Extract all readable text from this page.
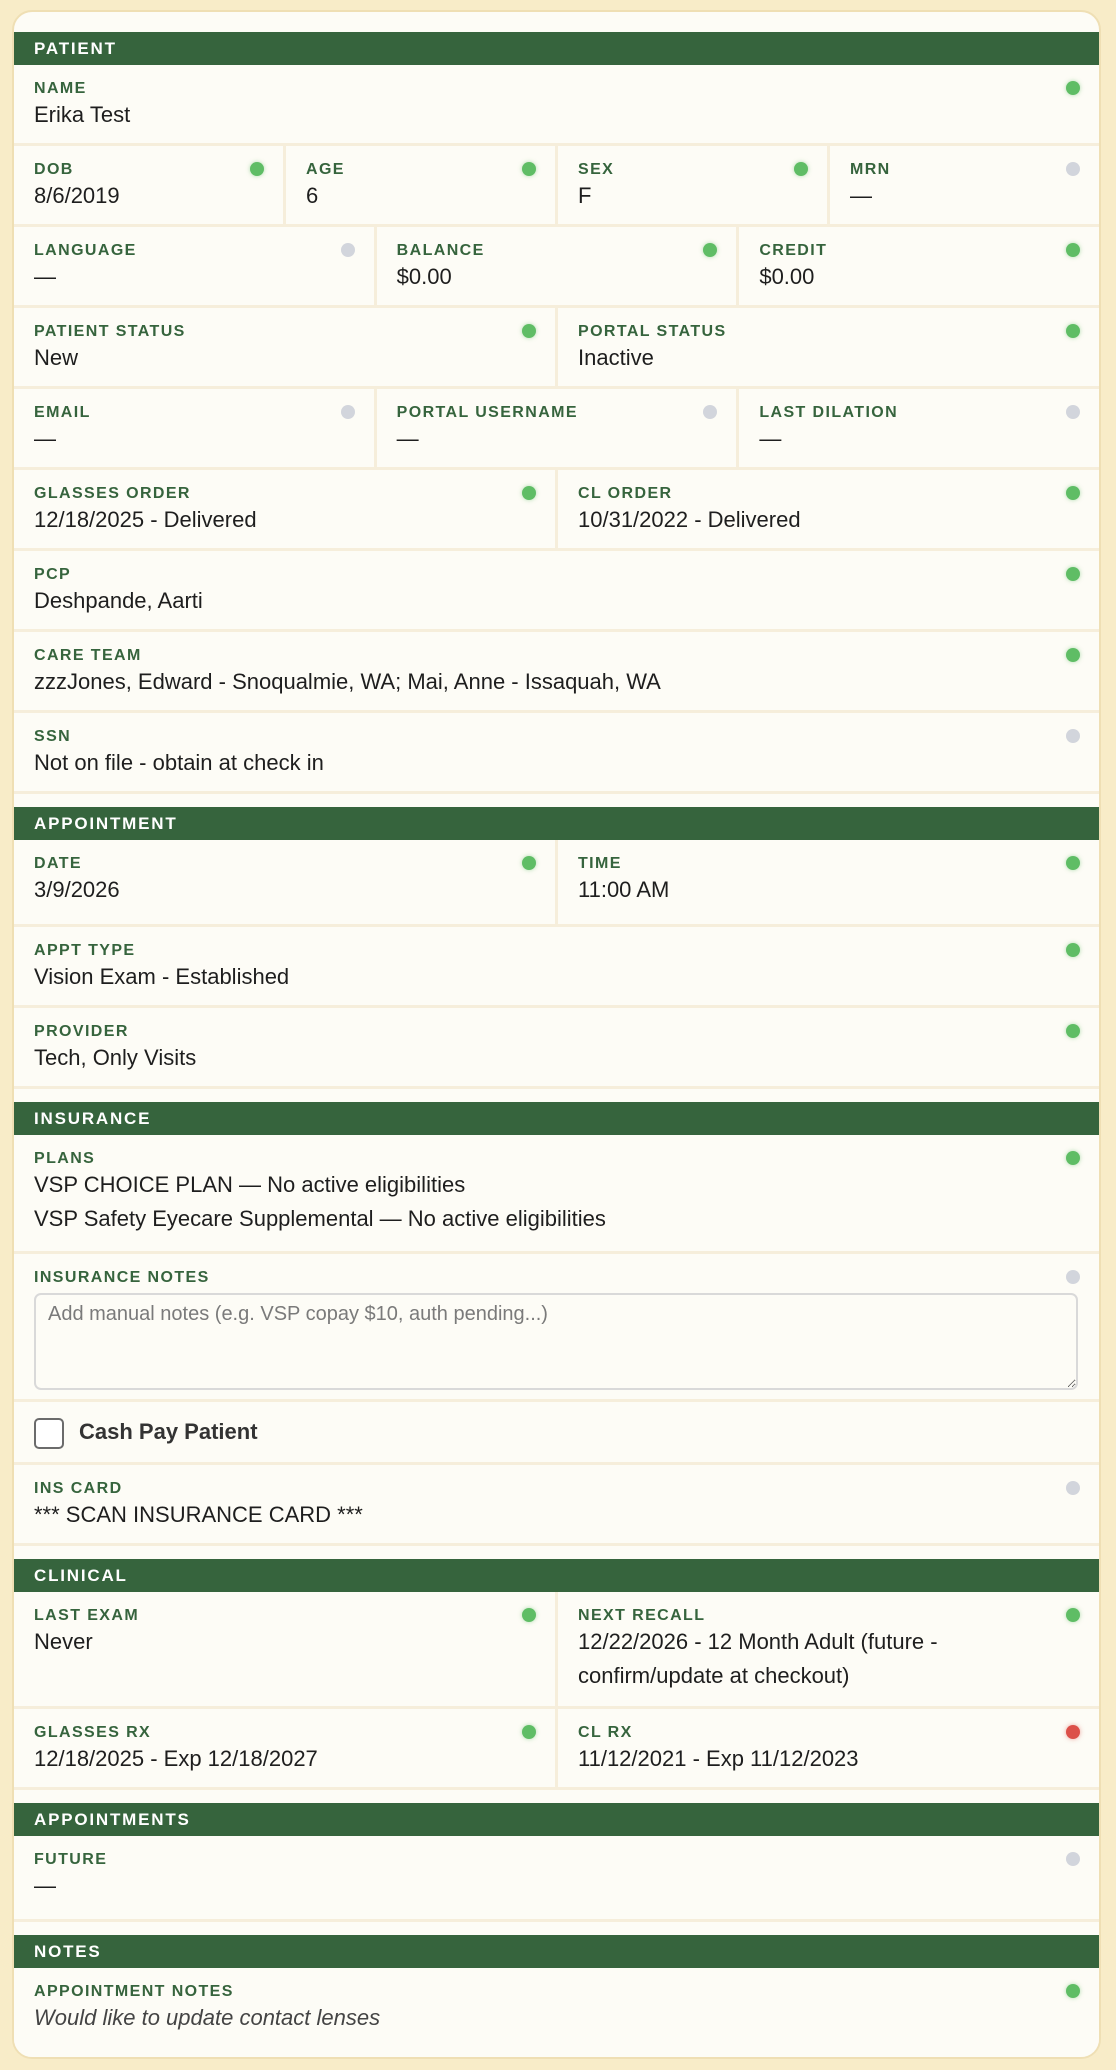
PATIENT
NAME
Erika Test
DOB
8/6/2019
AGE
6
SEX
F
MRN
—
LANGUAGE
—
BALANCE
$0.00
CREDIT
$0.00
PATIENT STATUS
New
PORTAL STATUS
Inactive
EMAIL
—
PORTAL USERNAME
—
LAST DILATION
—
GLASSES ORDER
12/18/2025 - Delivered
CL ORDER
10/31/2022 - Delivered
PCP
Deshpande, Aarti
CARE TEAM
zzzJones, Edward - Snoqualmie, WA; Mai, Anne - Issaquah, WA
SSN
Not on file - obtain at check in
APPOINTMENT
DATE
3/9/2026
TIME
11:00 AM
APPT TYPE
Vision Exam - Established
PROVIDER
Tech, Only Visits
INSURANCE
PLANS
VSP CHOICE PLAN — No active eligibilities
VSP Safety Eyecare Supplemental — No active eligibilities
INSURANCE NOTES
Add manual notes (e.g. VSP copay $10, auth pending...)
Cash Pay Patient
INS CARD
*** SCAN INSURANCE CARD ***
CLINICAL
LAST EXAM
Never
NEXT RECALL
12/22/2026 - 12 Month Adult (future - confirm/update at checkout)
GLASSES RX
12/18/2025 - Exp 12/18/2027
CL RX
11/12/2021 - Exp 11/12/2023
APPOINTMENTS
FUTURE
—
NOTES
APPOINTMENT NOTES
Would like to update contact lenses
